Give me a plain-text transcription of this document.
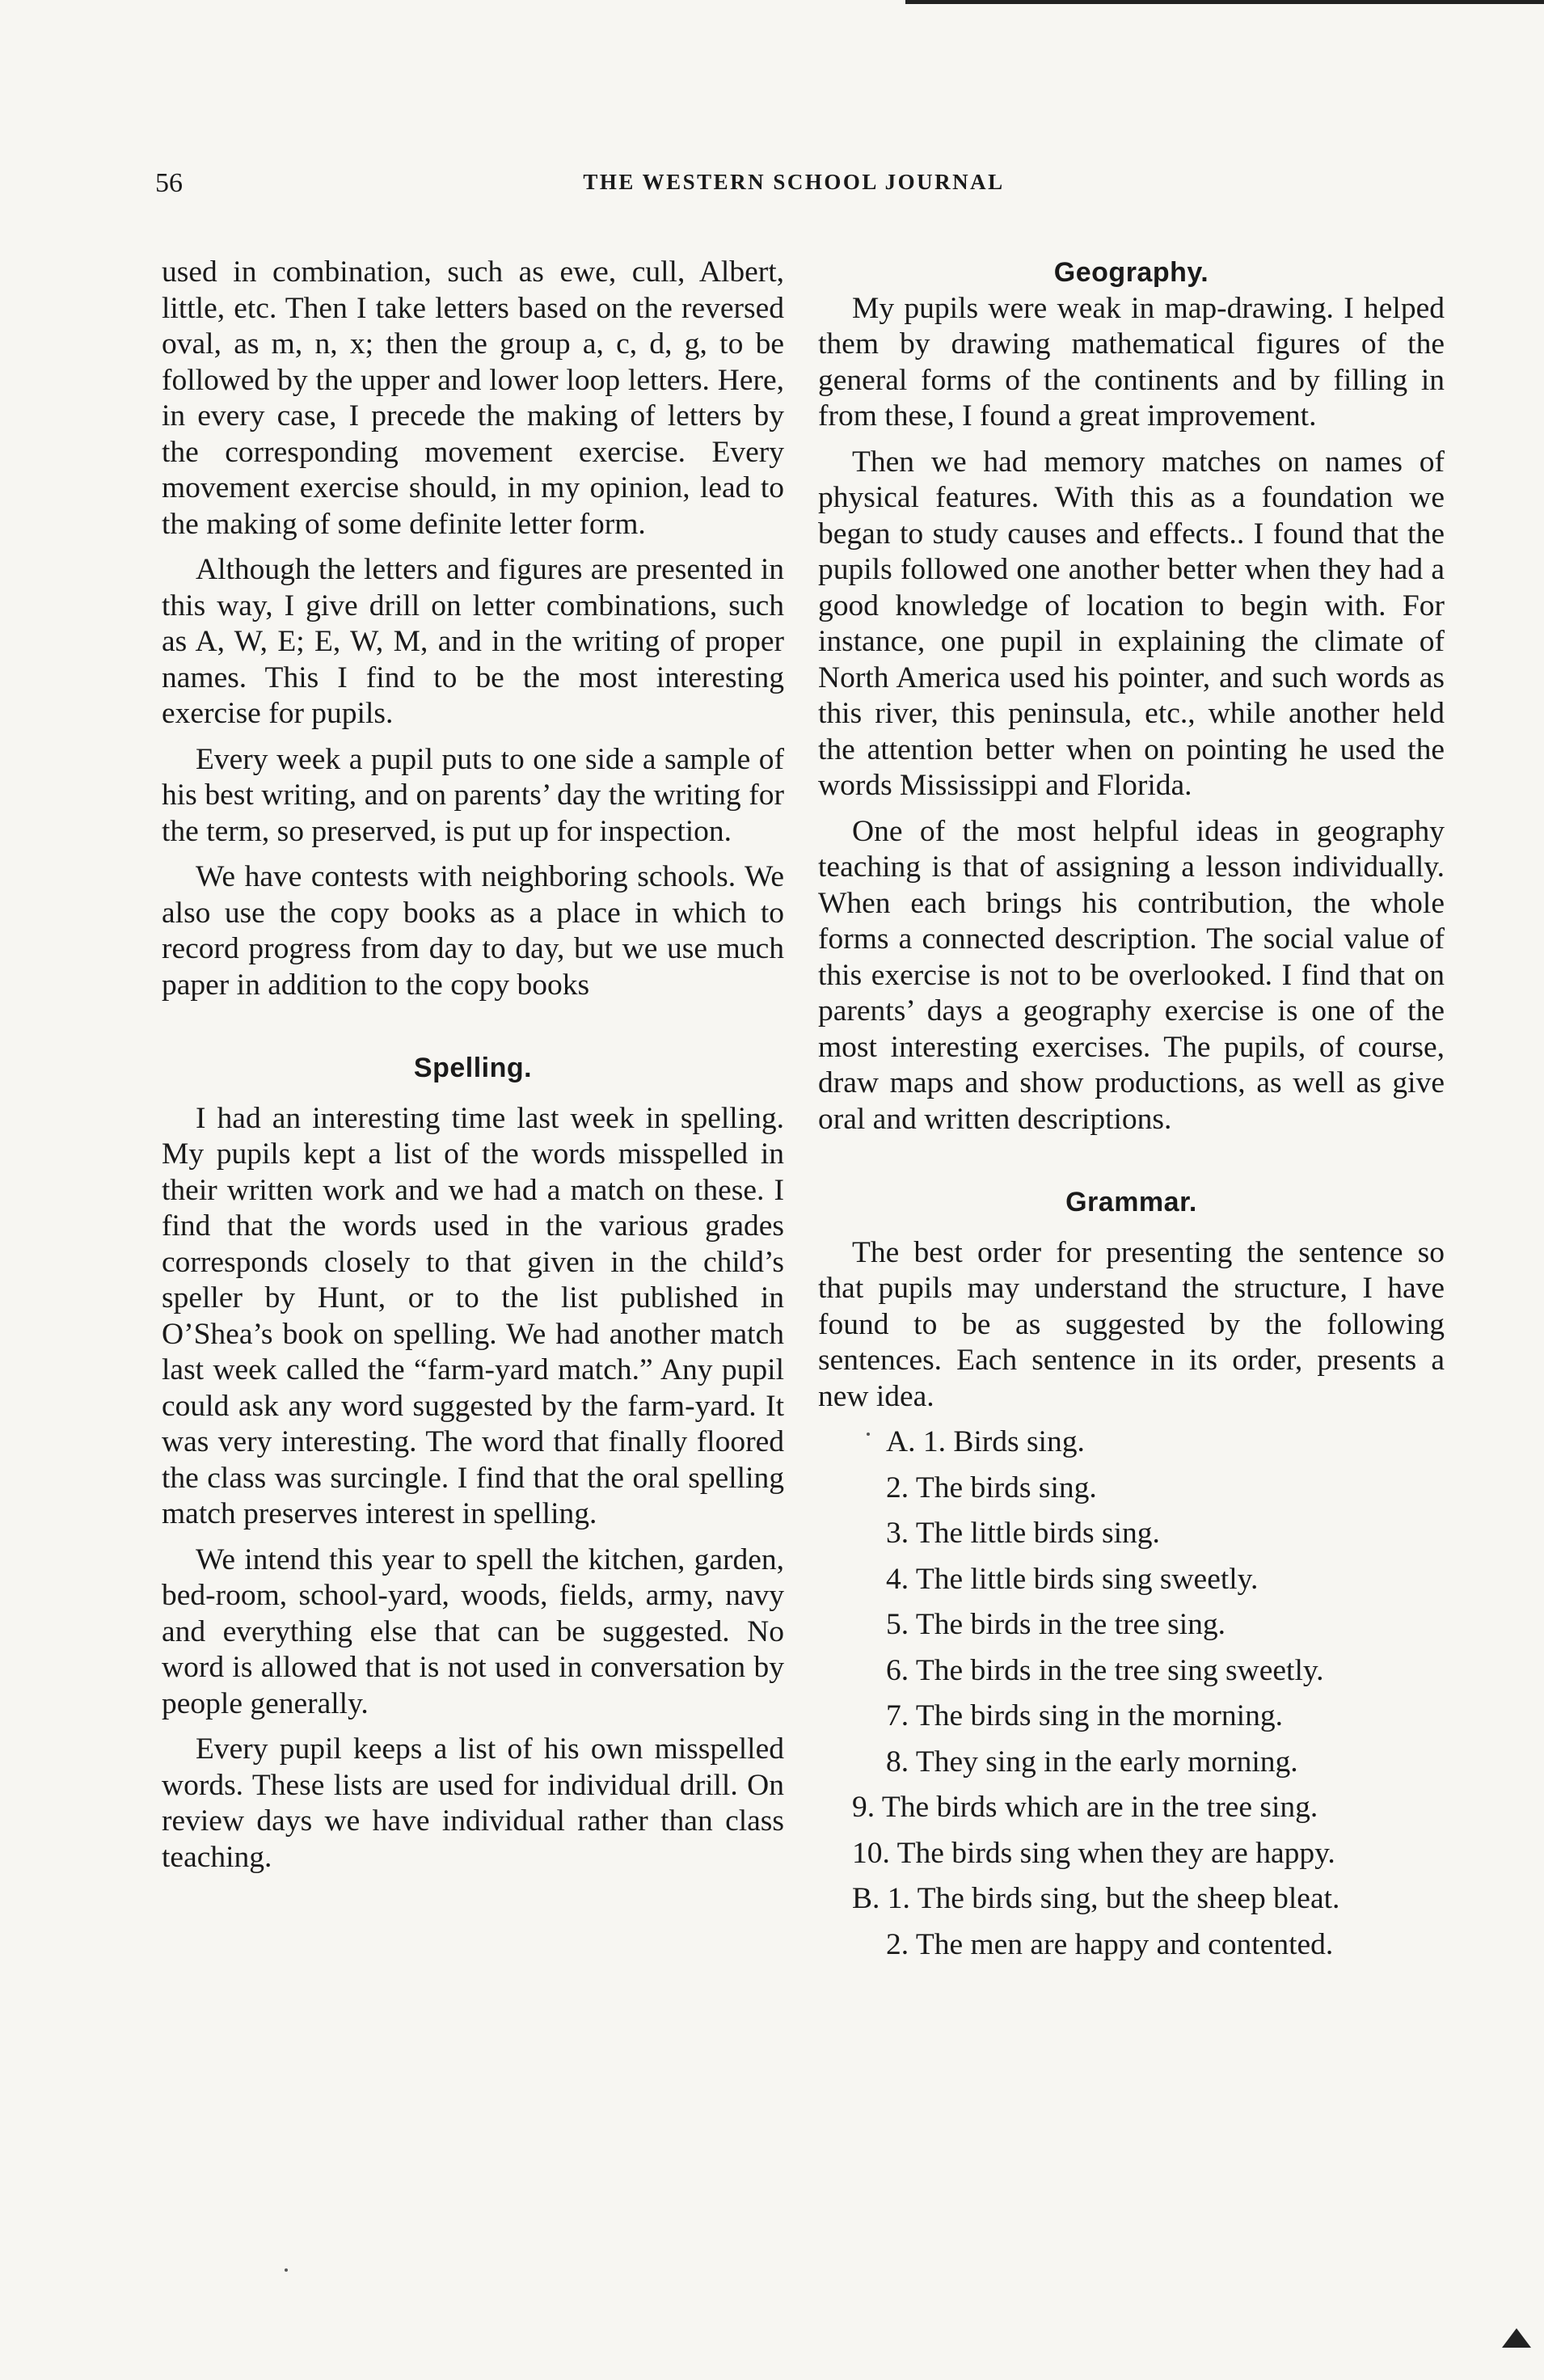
56	THE WESTERN SCHOOL JOURNAL

used in combination, such as ewe, cull, Albert, little, etc. Then I take letters based on the reversed oval, as m, n, x; then the group a, c, d, g, to be followed by the upper and lower loop letters. Here, in every case, I precede the making of letters by the corresponding movement exercise. Every movement exercise should, in my opinion, lead to the making of some definite letter form.

Although the letters and figures are presented in this way, I give drill on letter combinations, such as A, W, E; E, W, M, and in the writing of proper names. This I find to be the most interesting exercise for pupils.

Every week a pupil puts to one side a sample of his best writing, and on parents’ day the writing for the term, so preserved, is put up for inspection.

We have contests with neighboring schools. We also use the copy books as a place in which to record progress from day to day, but we use much paper in addition to the copy books

Spelling.

I had an interesting time last week in spelling. My pupils kept a list of the words misspelled in their written work and we had a match on these. I find that the words used in the various grades corresponds closely to that given in the child’s speller by Hunt, or to the list published in O’Shea’s book on spelling. We had another match last week called the “farm-yard match.” Any pupil could ask any word suggested by the farm-yard. It was very interesting. The word that finally floored the class was surcingle. I find that the oral spelling match preserves interest in spelling.

We intend this year to spell the kitchen, garden, bed-room, school-yard, woods, fields, army, navy and everything else that can be suggested. No word is allowed that is not used in conversation by people generally.

Every pupil keeps a list of his own misspelled words. These lists are used for individual drill. On review days we have individual rather than class teaching.

Geography.

My pupils were weak in map-drawing. I helped them by drawing mathematical figures of the general forms of the continents and by filling in from these, I found a great improvement.

Then we had memory matches on names of physical features. With this as a foundation we began to study causes and effects.. I found that the pupils followed one another better when they had a good knowledge of location to begin with. For instance, one pupil in explaining the climate of North America used his pointer, and such words as this river, this peninsula, etc., while another held the attention better when on pointing he used the words Mississippi and Florida.

One of the most helpful ideas in geography teaching is that of assigning a lesson individually. When each brings his contribution, the whole forms a connected description. The social value of this exercise is not to be overlooked. I find that on parents’ days a geography exercise is one of the most interesting exercises. The pupils, of course, draw maps and show productions, as well as give oral and written descriptions.

Grammar.

The best order for presenting the sentence so that pupils may understand the structure, I have found to be as suggested by the following sentences. Each sentence in its order, presents a new idea.

A. 1. Birds sing.

2. The birds sing.

3. The little birds sing.

4. The little birds sing sweetly.

5. The birds in the tree sing.

6. The birds in the tree sing sweetly.

7. The birds sing in the morning.

8. They sing in the early morning.

9. The birds which are in the tree sing.

10. The birds sing when they are happy.

B. 1. The birds sing, but the sheep bleat.

2. The men are happy and contented.
